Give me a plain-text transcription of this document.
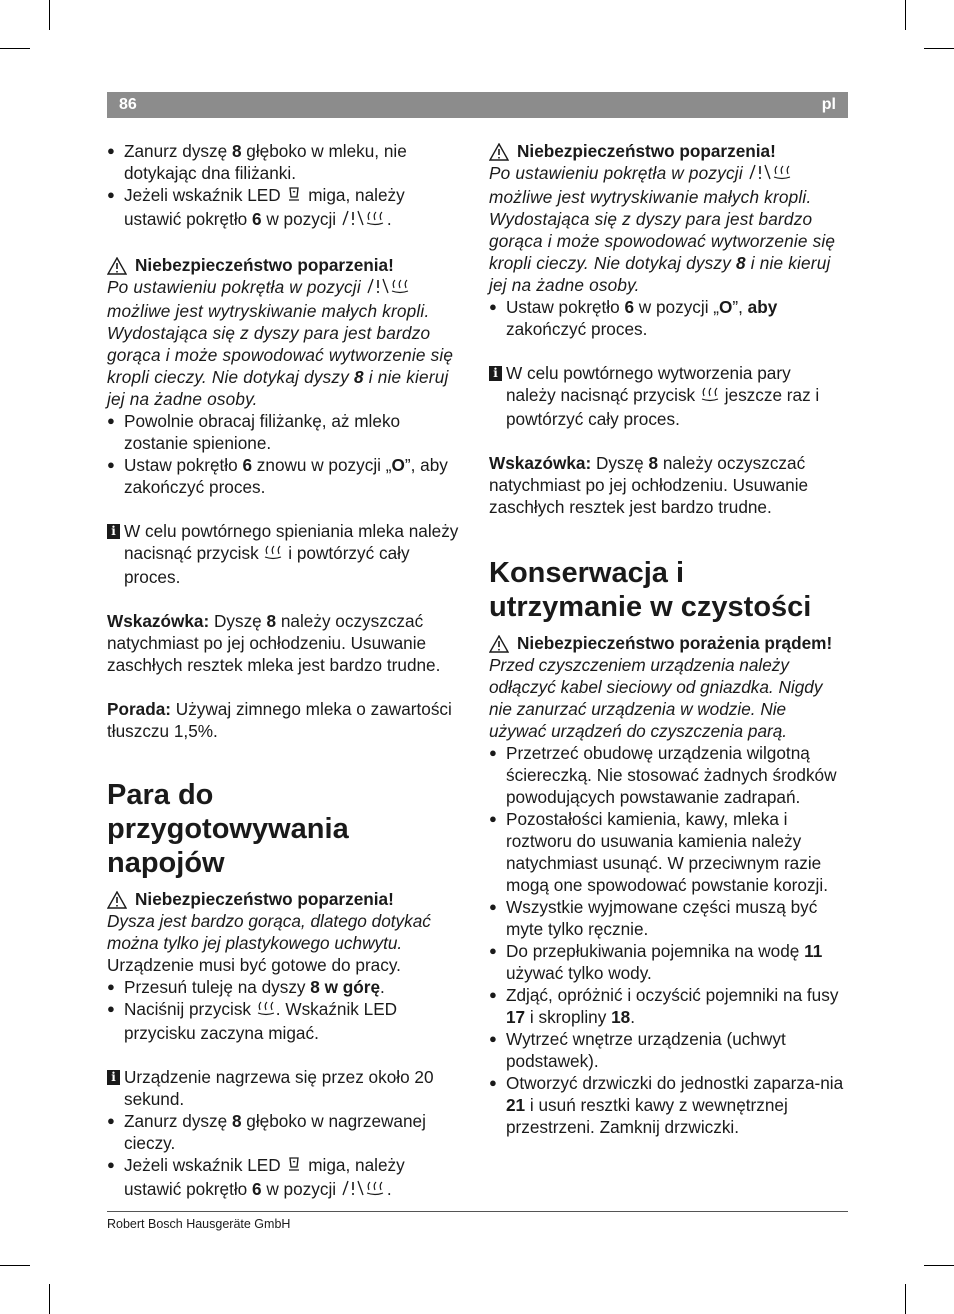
86	pl

● Zanurz dyszę 8 głęboko w mleku, nie dotykając dna filiżanki.

● Jeżeli wskaźnik LED  miga, należy ustawić pokrętło 6 w pozycji	.

Niebezpieczeństwo poparzenia!

Po ustawieniu pokrętła w pozycji  możliwe jest wytryskiwanie małych kropli. Wydostająca się z dyszy para jest bardzo gorąca i może spowodować wytworzenie się kropli cieczy. Nie dotykaj dyszy 8 i nie kieruj jej na żadne osoby.

● Powolnie obracaj filiżankę, aż mleko zostanie spienione.

● Ustaw pokrętło 6 znowu w pozycji „O”, aby zakończyć proces.

i W celu powtórnego spieniania mleka należy nacisnąć przycisk  i powtórzyć cały proces.

Wskazówka: Dyszę 8 należy oczyszczać natychmiast po jej ochłodzeniu. Usuwanie zaschłych resztek mleka jest bardzo trudne.

Porada: Używaj zimnego mleka o zawartości tłuszczu 1,5%.

Para do przygotowywania napojów

Niebezpieczeństwo poparzenia!

Dysza jest bardzo gorąca, dlatego dotykać można tylko jej plastykowego uchwytu.

Urządzenie musi być gotowe do pracy.

● Przesuń tuleję na dyszy 8 w górę.

● Naciśnij przycisk . Wskaźnik LED przycisku zaczyna migać.

i Urządzenie nagrzewa się przez około 20 sekund.

● Zanurz dyszę 8 głęboko w nagrzewanej cieczy.

● Jeżeli wskaźnik LED  miga, należy ustawić pokrętło 6 w pozycji	.

Niebezpieczeństwo poparzenia!

Po ustawieniu pokrętła w pozycji  możliwe jest wytryskiwanie małych kropli. Wydostająca się z dyszy para jest bardzo gorąca i może spowodować wytworzenie się kropli cieczy. Nie dotykaj dyszy 8 i nie kieruj jej na żadne osoby.

● Ustaw pokrętło 6 w pozycji „O”, aby zakończyć proces.

i W celu powtórnego wytworzenia pary należy nacisnąć przycisk  jeszcze raz i powtórzyć cały proces.

Wskazówka: Dyszę 8 należy oczyszczać natychmiast po jej ochłodzeniu. Usuwanie zaschłych resztek jest bardzo trudne.

Konserwacja i utrzymanie w czystości

Niebezpieczeństwo porażenia prądem!

Przed czyszczeniem urządzenia należy odłączyć kabel sieciowy od gniazdka. Nigdy nie zanurzać urządzenia w wodzie. Nie używać urządzeń do czyszczenia parą.

● Przetrzeć obudowę urządzenia wilgotną ściereczką. Nie stosować żadnych środków powodujących powstawanie zadrapań.

● Pozostałości kamienia, kawy, mleka i roztworu do usuwania kamienia należy natychmiast usunąć. W przeciwnym razie mogą one spowodować powstanie korozji.

● Wszystkie wyjmowane części muszą być myte tylko ręcznie.

● Do przepłukiwania pojemnika na wodę 11 używać tylko wody.

● Zdjąć, opróżnić i oczyścić pojemniki na fusy 17 i skropliny 18.

● Wytrzeć wnętrze urządzenia (uchwyt podstawek).

● Otworzyć drzwiczki do jednostki zaparza-nia 21 i usuń resztki kawy z wewnętrznej przestrzeni. Zamknij drzwiczki.

Robert Bosch Hausgeräte GmbH
